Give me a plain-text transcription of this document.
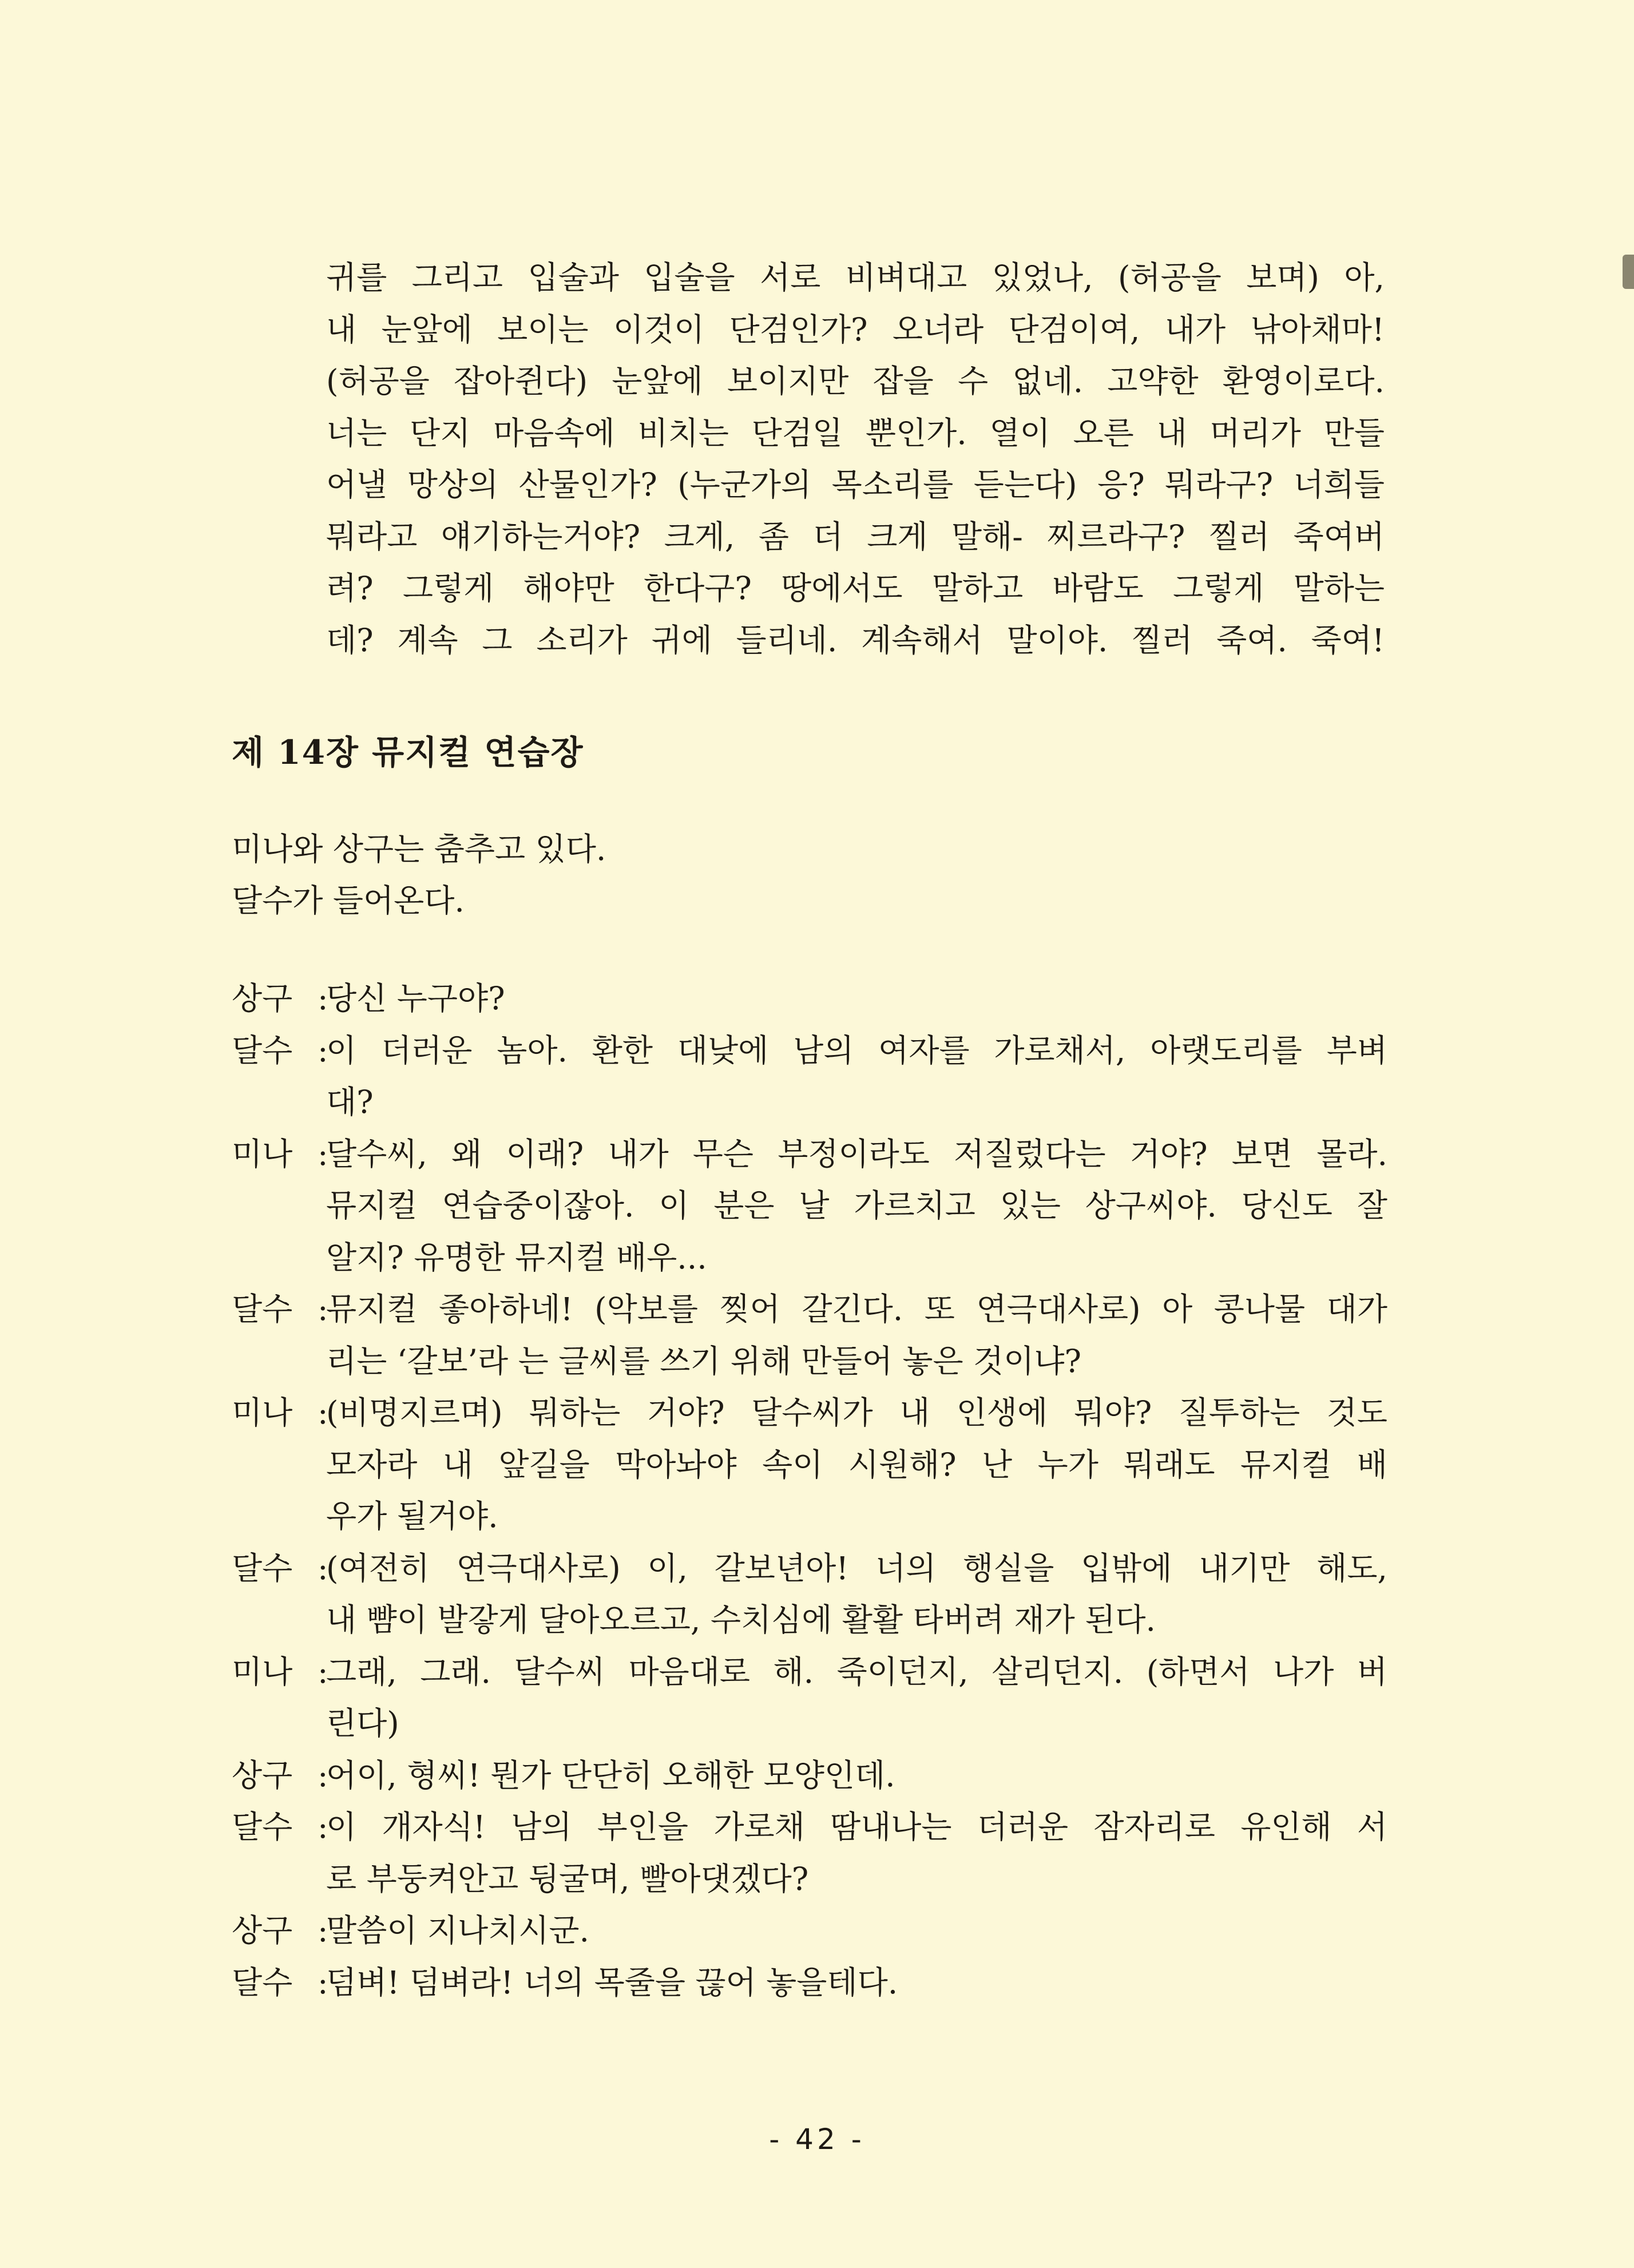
귀를 그리고 입술과 입술을 서로 비벼대고 있었나, (허공을 보며) 아,
내 눈앞에 보이는 이것이 단검인가? 오너라 단검이여, 내가 낚아채마!
(허공을 잡아쥔다) 눈앞에 보이지만 잡을 수 없네. 고약한 환영이로다.
너는 단지 마음속에 비치는 단검일 뿐인가. 열이 오른 내 머리가 만들
어낼 망상의 산물인가? (누군가의 목소리를 듣는다) 응? 뭐라구? 너희들
뭐라고 얘기하는거야? 크게, 좀 더 크게 말해- 찌르라구? 찔러 죽여버
려? 그렇게 해야만 한다구? 땅에서도 말하고 바람도 그렇게 말하는
데? 계속 그 소리가 귀에 들리네. 계속해서 말이야. 찔러 죽여. 죽여!
제 14장 뮤지컬 연습장
미나와 상구는 춤추고 있다.
달수가 들어온다.
상구 :
당신 누구야?
달수 :
이 더러운 놈아. 환한 대낮에 남의 여자를 가로채서, 아랫도리를 부벼
대?
미나 :
달수씨, 왜 이래? 내가 무슨 부정이라도 저질렀다는 거야? 보면 몰라.
뮤지컬 연습중이잖아. 이 분은 날 가르치고 있는 상구씨야. 당신도 잘
알지? 유명한 뮤지컬 배우...
달수 :
뮤지컬 좋아하네! (악보를 찢어 갈긴다. 또 연극대사로) 아 콩나물 대가
리는 ‘갈보’라 는 글씨를 쓰기 위해 만들어 놓은 것이냐?
미나 :
(비명지르며) 뭐하는 거야? 달수씨가 내 인생에 뭐야? 질투하는 것도
모자라 내 앞길을 막아놔야 속이 시원해? 난 누가 뭐래도 뮤지컬 배
우가 될거야.
달수 :
(여전히 연극대사로) 이, 갈보년아! 너의 행실을 입밖에 내기만 해도,
내 뺨이 발갛게 달아오르고, 수치심에 활활 타버려 재가 된다.
미나 :
그래, 그래. 달수씨 마음대로 해. 죽이던지, 살리던지. (하면서 나가 버
린다)
상구 :
어이, 형씨! 뭔가 단단히 오해한 모양인데.
달수 :
이 개자식! 남의 부인을 가로채 땀내나는 더러운 잠자리로 유인해 서
로 부둥켜안고 뒹굴며, 빨아댓겠다?
상구 :
말씀이 지나치시군.
달수 :
덤벼! 덤벼라! 너의 목줄을 끊어 놓을테다.
- 42 -
